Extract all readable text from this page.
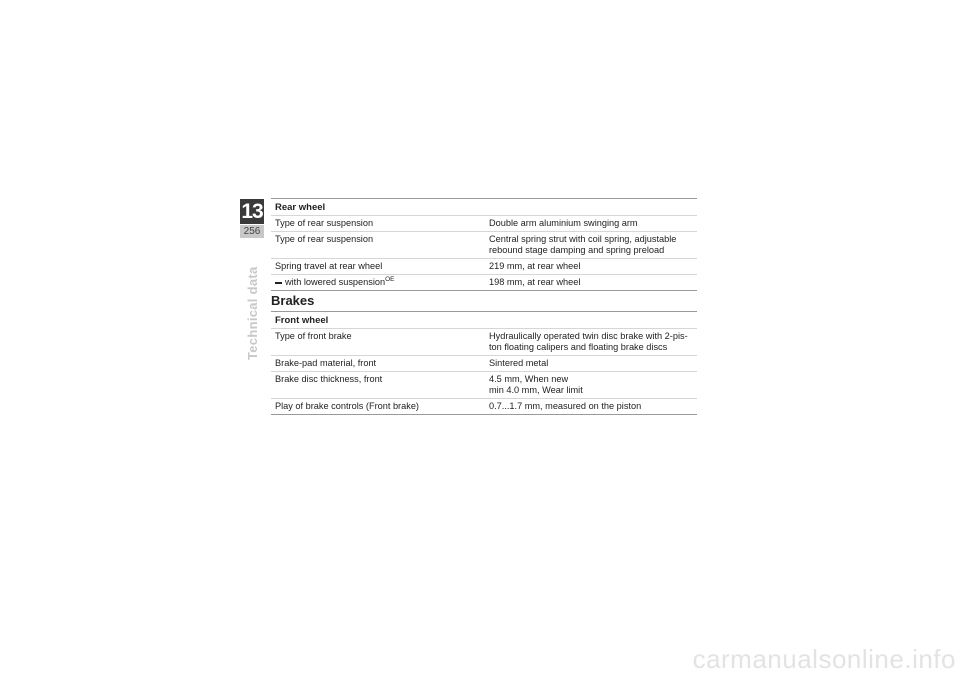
13
256
Technical data
Rear wheel
Type of rear suspension	Double arm aluminium swinging arm
Type of rear suspension	Central spring strut with coil spring, adjustable
rebound stage damping and spring preload
Spring travel at rear wheel	219 mm, at rear wheel
with lowered suspension$^{OE}$	198 mm, at rear wheel
Brakes
Front wheel
Type of front brake	Hydraulically operated twin disc brake with 2-pis-
ton floating calipers and floating brake discs
Brake-pad material, front	Sintered metal
Brake disc thickness, front	4.5 mm, When new
min 4.0 mm, Wear limit
Play of brake controls (Front brake)	0.7...1.7 mm, measured on the piston
carmanualsonline.info
